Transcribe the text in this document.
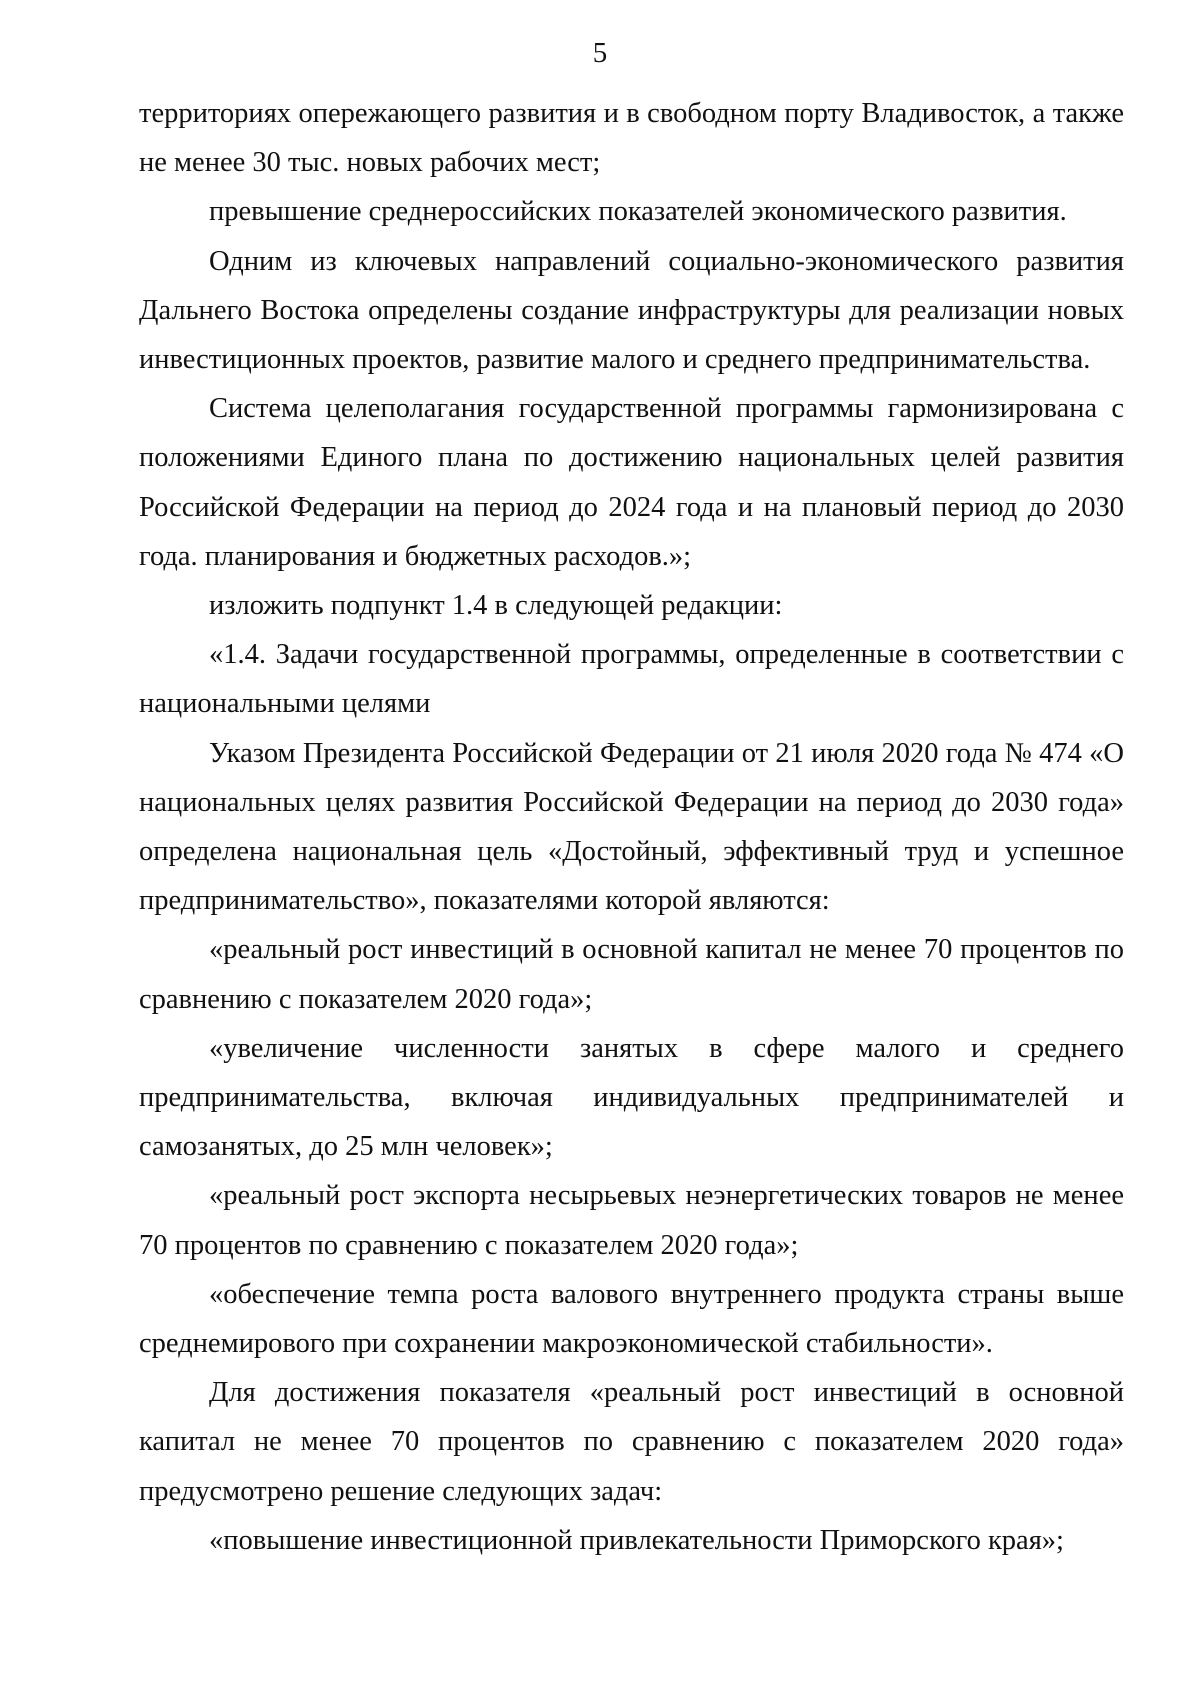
5

территориях опережающего развития и в свободном порту Владивосток, а также не менее 30 тыс. новых рабочих мест;

превышение среднероссийских показателей экономического развития.

Одним из ключевых направлений социально-экономического развития Дальнего Востока определены создание инфраструктуры для реализации новых инвестиционных проектов, развитие малого и среднего предпринимательства.

Система целеполагания государственной программы гармонизирована с положениями Единого плана по достижению национальных целей развития Российской Федерации на период до 2024 года и на плановый период до 2030 года. планирования и бюджетных расходов.»;

изложить подпункт 1.4 в следующей редакции:

«1.4. Задачи государственной программы, определенные в соответствии с национальными целями

Указом Президента Российской Федерации от 21 июля 2020 года № 474 «О национальных целях развития Российской Федерации на период до 2030 года» определена национальная цель «Достойный, эффективный труд и успешное предпринимательство», показателями которой являются:

«реальный рост инвестиций в основной капитал не менее 70 процентов по сравнению с показателем 2020 года»;

«увеличение численности занятых в сфере малого и среднего предпринимательства, включая индивидуальных предпринимателей и самозанятых, до 25 млн человек»;

«реальный рост экспорта несырьевых неэнергетических товаров не менее 70 процентов по сравнению с показателем 2020 года»;

«обеспечение темпа роста валового внутреннего продукта страны выше среднемирового при сохранении макроэкономической стабильности».

Для достижения показателя «реальный рост инвестиций в основной капитал не менее 70 процентов по сравнению с показателем 2020 года» предусмотрено решение следующих задач:

«повышение инвестиционной привлекательности Приморского края»;
